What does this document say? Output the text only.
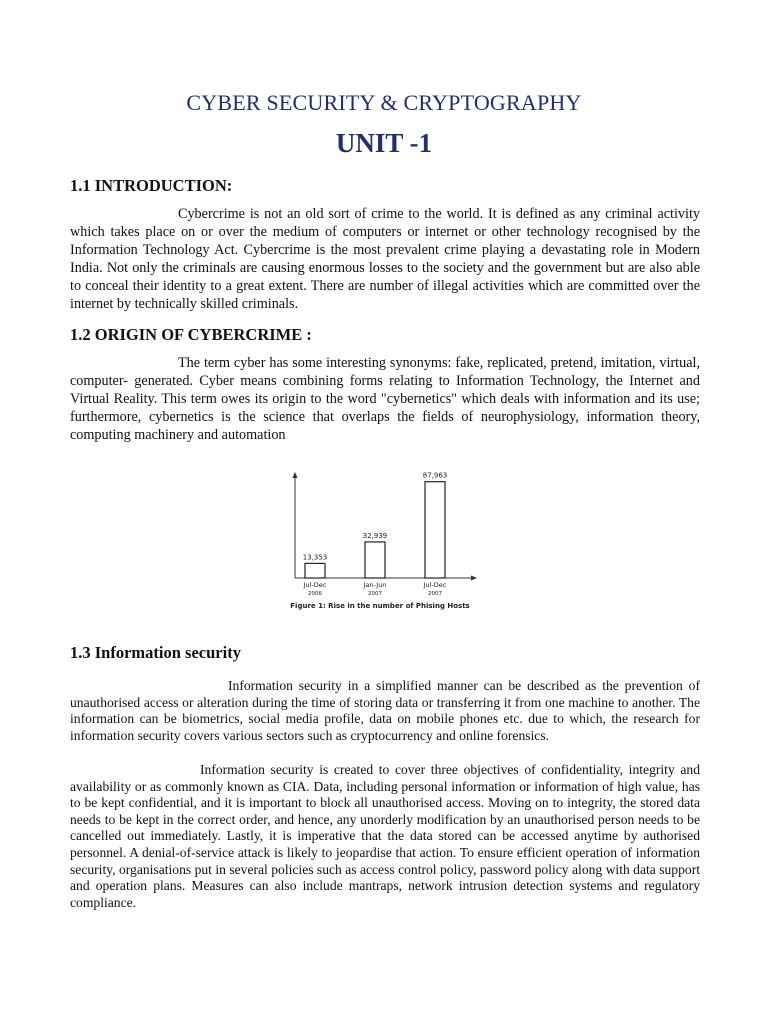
CYBER SECURITY & CRYPTOGRAPHY
UNIT -1
1.1 INTRODUCTION:
Cybercrime is not an old sort of crime to the world. It is defined as any criminal activity which takes place on or over the medium of computers or internet or other technology recognised by the Information Technology Act. Cybercrime is the most prevalent crime playing a devastating role in Modern India. Not only the criminals are causing enormous losses to the society and the government but are also able to conceal their identity to a great extent. There are number of illegal activities which are committed over the internet by technically skilled criminals.
1.2 ORIGIN OF CYBERCRIME :
The term cyber has some interesting synonyms: fake, replicated, pretend, imitation, virtual, computer- generated. Cyber means combining forms relating to Information Technology, the Internet and Virtual Reality. This term owes its origin to the word "cybernetics" which deals with information and its use; furthermore, cybernetics is the science that overlaps the fields of neurophysiology, information theory, computing machinery and automation
13,353
Jul-Dec
2006
32,939
Jan-Jun
2007
87,963
Jul-Dec
2007
Figure 1: Rise in the number of Phising Hosts
1.3 Information security
Information security in a simplified manner can be described as the prevention of unauthorised access or alteration during the time of storing data or transferring it from one machine to another. The information can be biometrics, social media profile, data on mobile phones etc. due to which, the research for information security covers various sectors such as cryptocurrency and online forensics.
Information security is created to cover three objectives of confidentiality, integrity and availability or as commonly known as CIA. Data, including personal information or information of high value, has to be kept confidential, and it is important to block all unauthorised access. Moving on to integrity, the stored data needs to be kept in the correct order, and hence, any unorderly modification by an unauthorised person needs to be cancelled out immediately. Lastly, it is imperative that the data stored can be accessed anytime by authorised personnel. A denial-of-service attack is likely to jeopardise that action. To ensure efficient operation of information security, organisations put in several policies such as access control policy, password policy along with data support and operation plans. Measures can also include mantraps, network intrusion detection systems and regulatory compliance.
